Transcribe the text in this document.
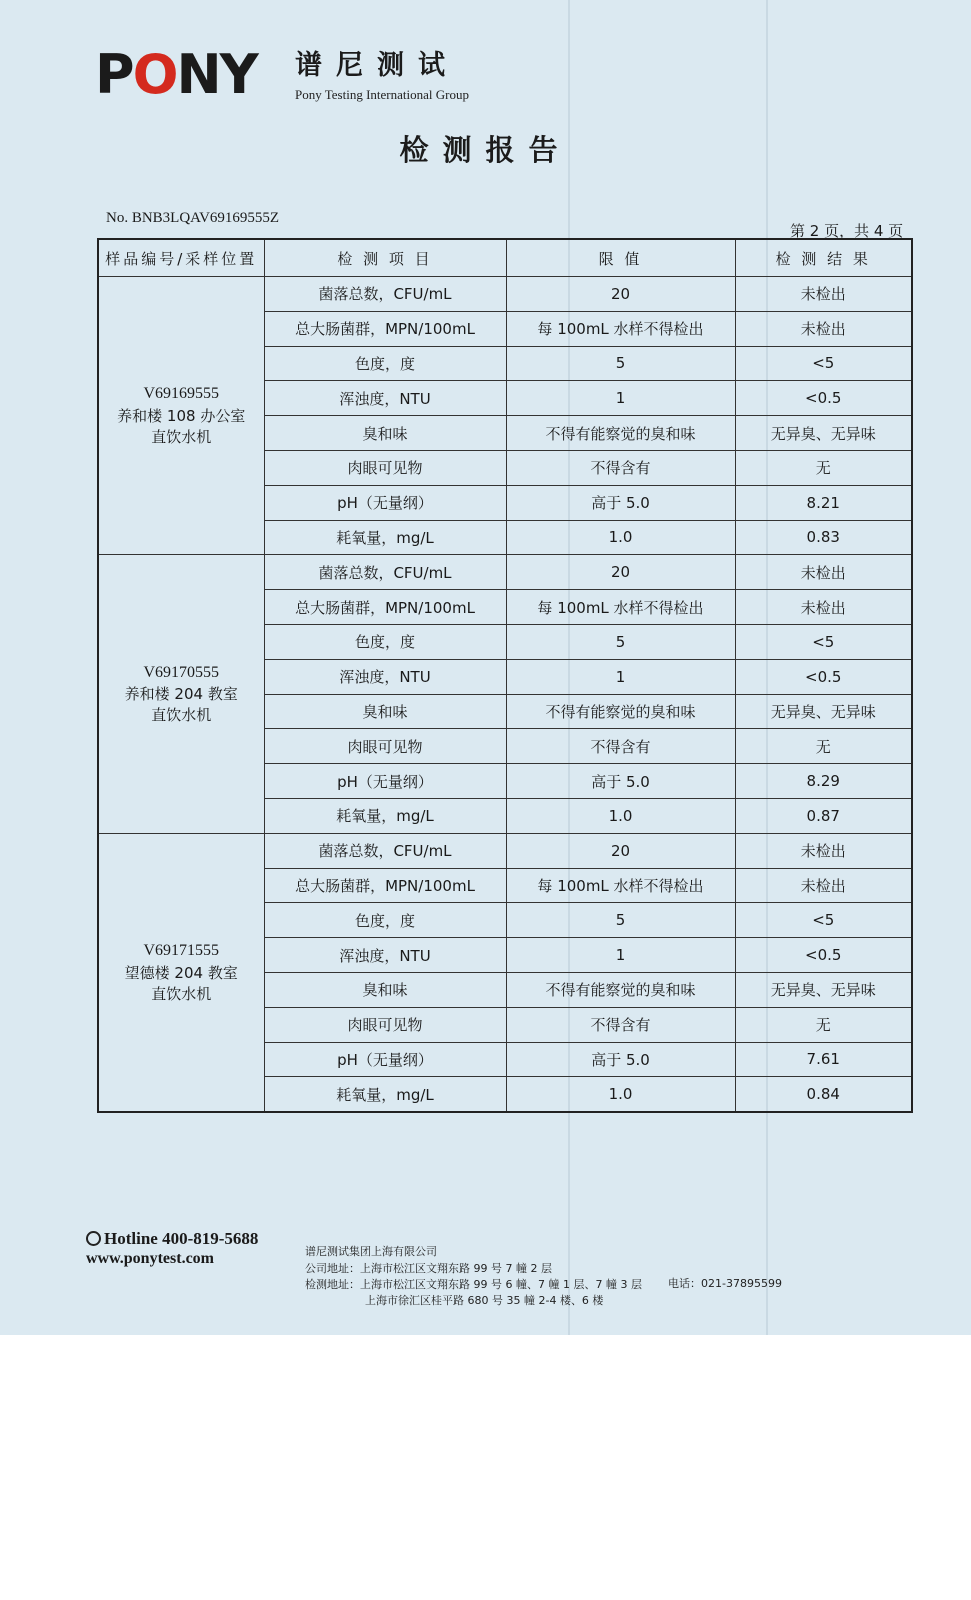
PONY 谱尼测试
Pony Testing International Group
检测报告
No. BNB3LQAV69169555Z
第 2 页，共 4 页
样品编号/采样位置	检 测 项 目	限 值	检 测 结 果

V69169555
养和楼 108 办公室
直饮水机	菌落总数，CFU/mL	20	未检出
	总大肠菌群，MPN/100mL	每 100mL 水样不得检出	未检出
	色度，度	5	<5
	浑浊度，NTU	1	<0.5
	臭和味	不得有能察觉的臭和味	无异臭、无异味
	肉眼可见物	不得含有	无
	pH（无量纲）	高于 5.0	8.21
	耗氧量，mg/L	1.0	0.83

V69170555
养和楼 204 教室
直饮水机	菌落总数，CFU/mL	20	未检出
	总大肠菌群，MPN/100mL	每 100mL 水样不得检出	未检出
	色度，度	5	<5
	浑浊度，NTU	1	<0.5
	臭和味	不得有能察觉的臭和味	无异臭、无异味
	肉眼可见物	不得含有	无
	pH（无量纲）	高于 5.0	8.29
	耗氧量，mg/L	1.0	0.87

V69171555
望德楼 204 教室
直饮水机	菌落总数，CFU/mL	20	未检出
	总大肠菌群，MPN/100mL	每 100mL 水样不得检出	未检出
	色度，度	5	<5
	浑浊度，NTU	1	<0.5
	臭和味	不得有能察觉的臭和味	无异臭、无异味
	肉眼可见物	不得含有	无
	pH（无量纲）	高于 5.0	7.61
	耗氧量，mg/L	1.0	0.84
Hotline 400-819-5688
www.ponytest.com	谱尼测试集团上海有限公司
公司地址：上海市松江区文翔东路 99 号 7 幢 2 层
检测地址：上海市松江区文翔东路 99 号 6 幢、7 幢 1 层、7 幢 3 层
上海市徐汇区桂平路 680 号 35 幢 2-4 楼、6 楼
电话：021-37895599
